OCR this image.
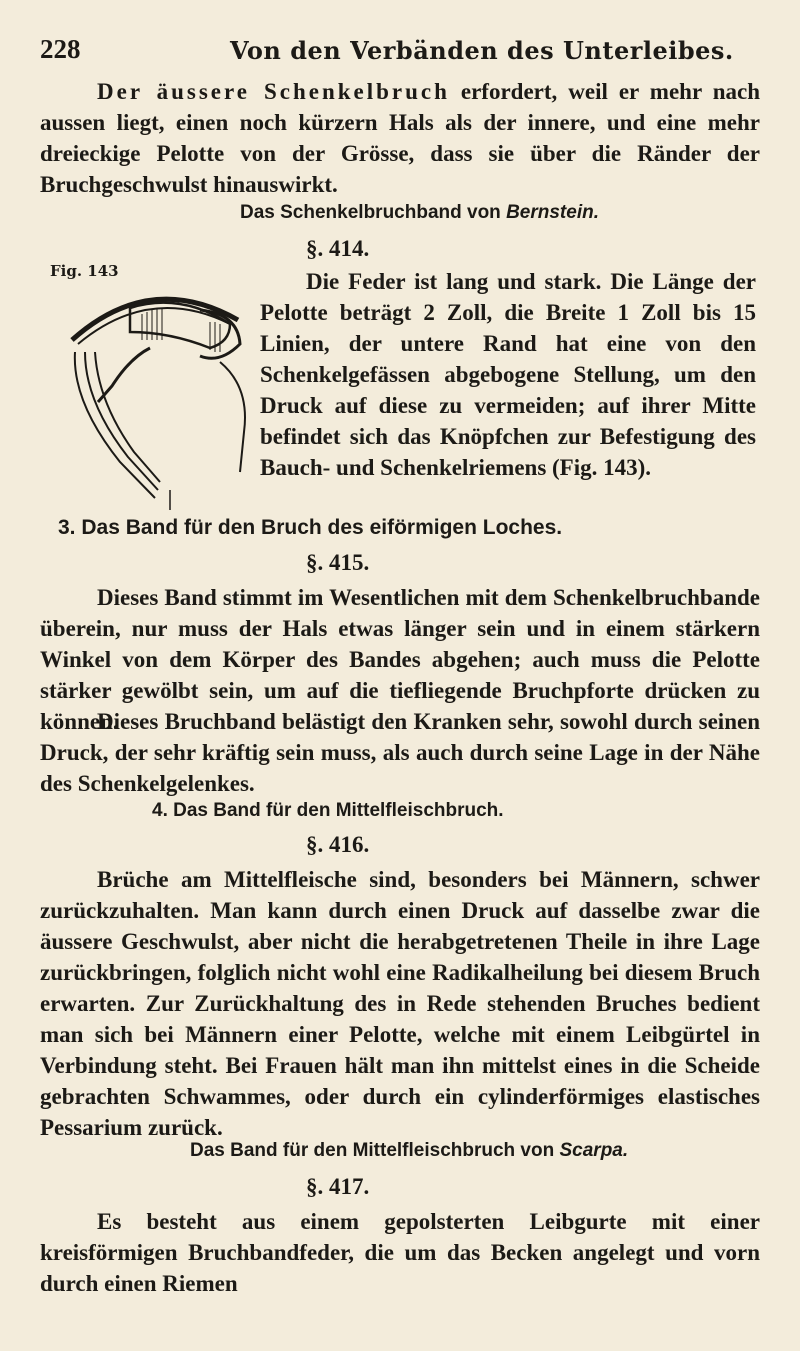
228	Von den Verbänden des Unterleibes.

Der äussere Schenkelbruch erfordert, weil er mehr nach aussen liegt, einen noch kürzern Hals als der innere, und eine mehr dreieckige Pelotte von der Grösse, dass sie über die Ränder der Bruchgeschwulst hinauswirkt.

Das Schenkelbruchband von Bernstein.
§. 414.
Fig. 143	Die Feder ist lang und stark. Die Länge der Pelotte beträgt 2 Zoll, die Breite 1 Zoll bis 15 Linien, der untere Rand hat eine von den Schenkelgefässen abgebogene Stellung, um den Druck auf diese zu vermeiden; auf ihrer Mitte befindet sich das Knöpfchen zur Befestigung des Bauch- und Schenkelriemens (Fig. 143).

3. Das Band für den Bruch des eiförmigen Loches.
§. 415.

Dieses Band stimmt im Wesentlichen mit dem Schenkelbruchbande überein, nur muss der Hals etwas länger sein und in einem stärkern Winkel von dem Körper des Bandes abgehen; auch muss die Pelotte stärker gewölbt sein, um auf die tiefliegende Bruchpforte drücken zu können.

Dieses Bruchband belästigt den Kranken sehr, sowohl durch seinen Druck, der sehr kräftig sein muss, als auch durch seine Lage in der Nähe des Schenkelgelenkes.

4. Das Band für den Mittelfleischbruch.
§. 416.

Brüche am Mittelfleische sind, besonders bei Männern, schwer zurückzuhalten. Man kann durch einen Druck auf dasselbe zwar die äussere Geschwulst, aber nicht die herabgetretenen Theile in ihre Lage zurückbringen, folglich nicht wohl eine Radikalheilung bei diesem Bruch erwarten. Zur Zurückhaltung des in Rede stehenden Bruches bedient man sich bei Männern einer Pelotte, welche mit einem Leibgürtel in Verbindung steht. Bei Frauen hält man ihn mittelst eines in die Scheide gebrachten Schwammes, oder durch ein cylinderförmiges elastisches Pessarium zurück.

Das Band für den Mittelfleischbruch von Scarpa.
§. 417.

Es besteht aus einem gepolsterten Leibgurte mit einer kreisförmigen Bruchbandfeder, die um das Becken angelegt und vorn durch einen Riemen
